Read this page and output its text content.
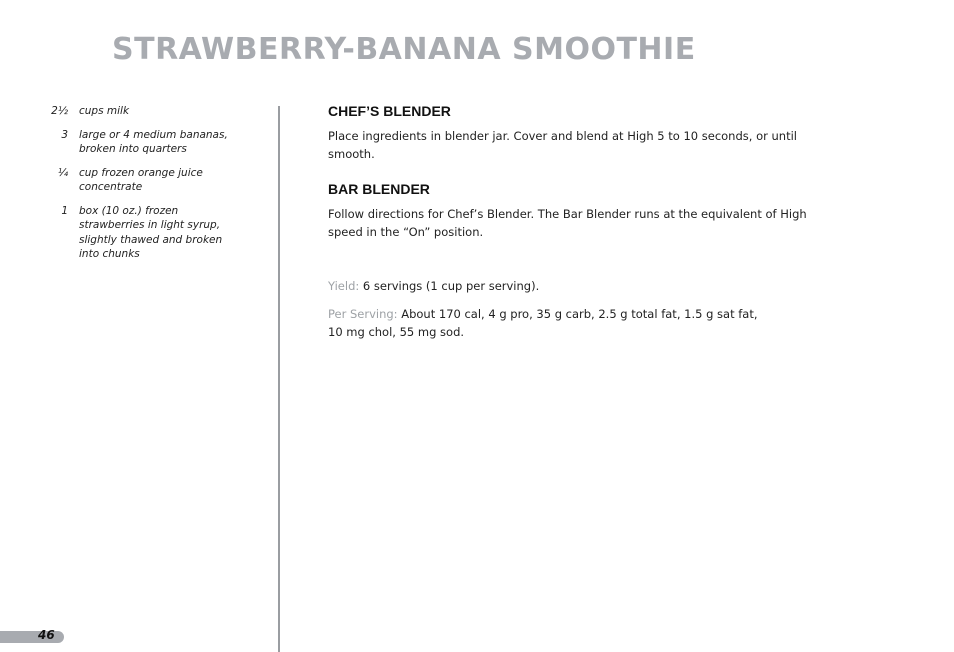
STRAWBERRY-BANANA SMOOTHIE
2½	cups milk
3	large or 4 medium bananas, broken into quarters
¼	cup frozen orange juice concentrate
1	box (10 oz.) frozen strawberries in light syrup, slightly thawed and broken into chunks
CHEF’S BLENDER
Place ingredients in blender jar. Cover and blend at High 5 to 10 seconds, or until smooth.
BAR BLENDER
Follow directions for Chef’s Blender. The Bar Blender runs at the equivalent of High speed in the “On” position.
Yield: 6 servings (1 cup per serving).
Per Serving: About 170 cal, 4 g pro, 35 g carb, 2.5 g total fat, 1.5 g sat fat,
10 mg chol, 55 mg sod.
46
